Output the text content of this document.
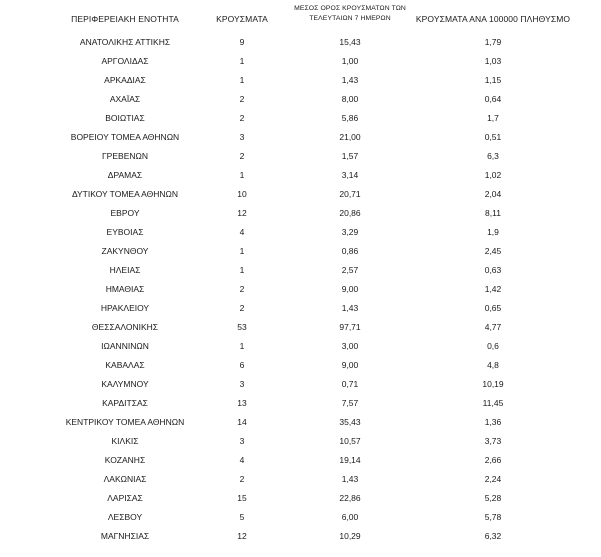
ΠΕΡΙΦΕΡΕΙΑΚΗ ΕΝΟΤΗΤΑ	ΚΡΟΥΣΜΑΤΑ
ΜΕΣΟΣ ΟΡΟΣ ΚΡΟΥΣΜΑΤΩΝ ΤΩΝ
ΤΕΛΕΥΤΑΙΩΝ 7 ΗΜΕΡΩΝ	ΚΡΟΥΣΜΑΤΑ ΑΝΑ 100000 ΠΛΗΘΥΣΜΟ
ΑΝΑΤΟΛΙΚΗΣ ΑΤΤΙΚΗΣ	9	15,43	1,79
ΑΡΓΟΛΙΔΑΣ	1	1,00	1,03
ΑΡΚΑΔΙΑΣ	1	1,43	1,15
ΑΧΑΪΑΣ	2	8,00	0,64
ΒΟΙΩΤΙΑΣ	2	5,86	1,7
ΒΟΡΕΙΟΥ ΤΟΜΕΑ ΑΘΗΝΩΝ	3	21,00	0,51
ΓΡΕΒΕΝΩΝ	2	1,57	6,3
ΔΡΑΜΑΣ	1	3,14	1,02
ΔΥΤΙΚΟΥ ΤΟΜΕΑ ΑΘΗΝΩΝ	10	20,71	2,04
ΕΒΡΟΥ	12	20,86	8,11
ΕΥΒΟΙΑΣ	4	3,29	1,9
ΖΑΚΥΝΘΟΥ	1	0,86	2,45
ΗΛΕΙΑΣ	1	2,57	0,63
ΗΜΑΘΙΑΣ	2	9,00	1,42
ΗΡΑΚΛΕΙΟΥ	2	1,43	0,65
ΘΕΣΣΑΛΟΝΙΚΗΣ	53	97,71	4,77
ΙΩΑΝΝΙΝΩΝ	1	3,00	0,6
ΚΑΒΑΛΑΣ	6	9,00	4,8
ΚΑΛΥΜΝΟΥ	3	0,71	10,19
ΚΑΡΔΙΤΣΑΣ	13	7,57	11,45
ΚΕΝΤΡΙΚΟΥ ΤΟΜΕΑ ΑΘΗΝΩΝ	14	35,43	1,36
ΚΙΛΚΙΣ	3	10,57	3,73
ΚΟΖΑΝΗΣ	4	19,14	2,66
ΛΑΚΩΝΙΑΣ	2	1,43	2,24
ΛΑΡΙΣΑΣ	15	22,86	5,28
ΛΕΣΒΟΥ	5	6,00	5,78
ΜΑΓΝΗΣΙΑΣ	12	10,29	6,32
